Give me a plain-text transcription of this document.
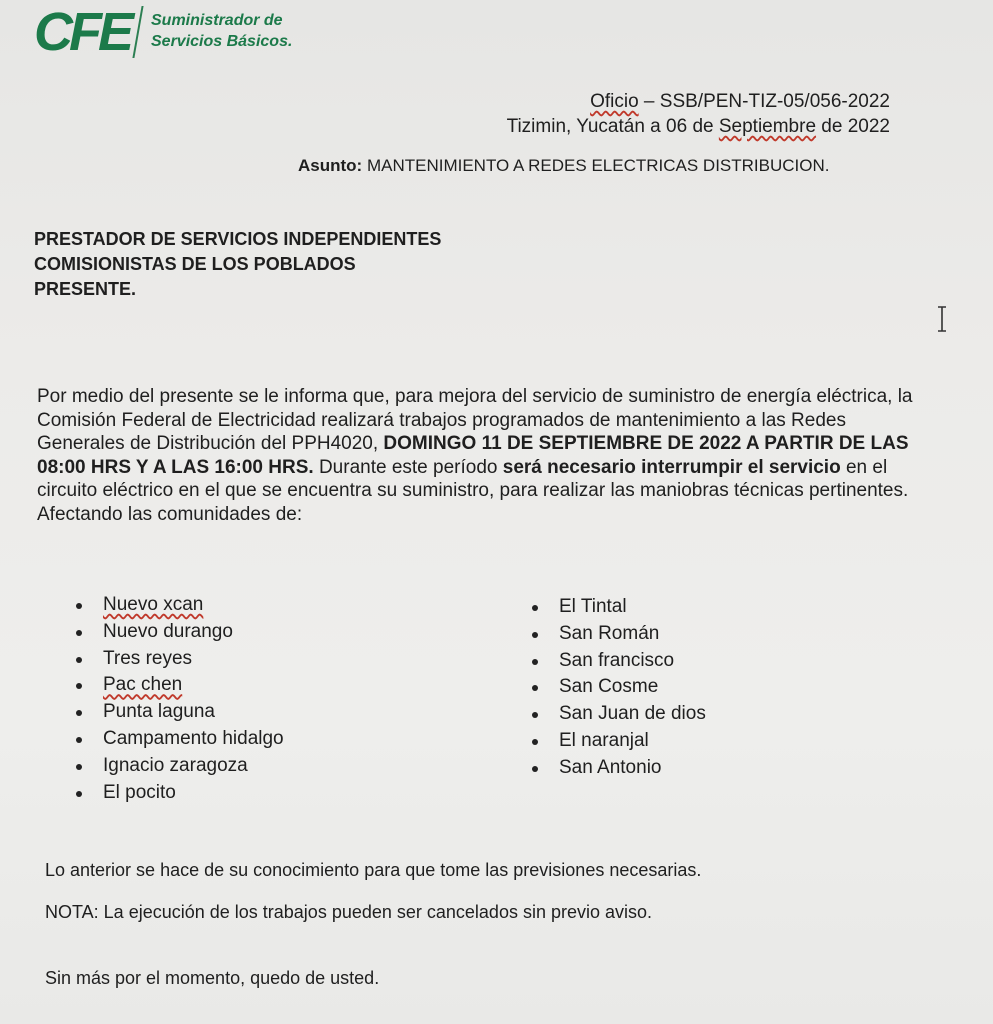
CFE Suministrador de
Servicios Básicos.
Oficio – SSB/PEN-TIZ-05/056-2022
Tizimin, Yucatán a 06 de Septiembre de 2022
Asunto: MANTENIMIENTO A REDES ELECTRICAS DISTRIBUCION.
PRESTADOR DE SERVICIOS INDEPENDIENTES
COMISIONISTAS DE LOS POBLADOS
PRESENTE.

Por medio del presente se le informa que, para mejora del servicio de suministro de energía eléctrica, la Comisión Federal de Electricidad realizará trabajos programados de mantenimiento a las Redes Generales de Distribución del PPH4020, DOMINGO 11 DE SEPTIEMBRE DE 2022 A PARTIR DE LAS 08:00 HRS Y A LAS 16:00 HRS. Durante este período será necesario interrumpir el servicio en el circuito eléctrico en el que se encuentra su suministro, para realizar las maniobras técnicas pertinentes.

Afectando las comunidades de:

Nuevo xcan
Nuevo durango
Tres reyes
Pac chen
Punta laguna
Campamento hidalgo
Ignacio zaragoza
El pocito
El Tintal
San Román
San francisco
San Cosme
San Juan de dios
El naranjal
San Antonio
Lo anterior se hace de su conocimiento para que tome las previsiones necesarias.
NOTA: La ejecución de los trabajos pueden ser cancelados sin previo aviso.
Sin más por el momento, quedo de usted.
